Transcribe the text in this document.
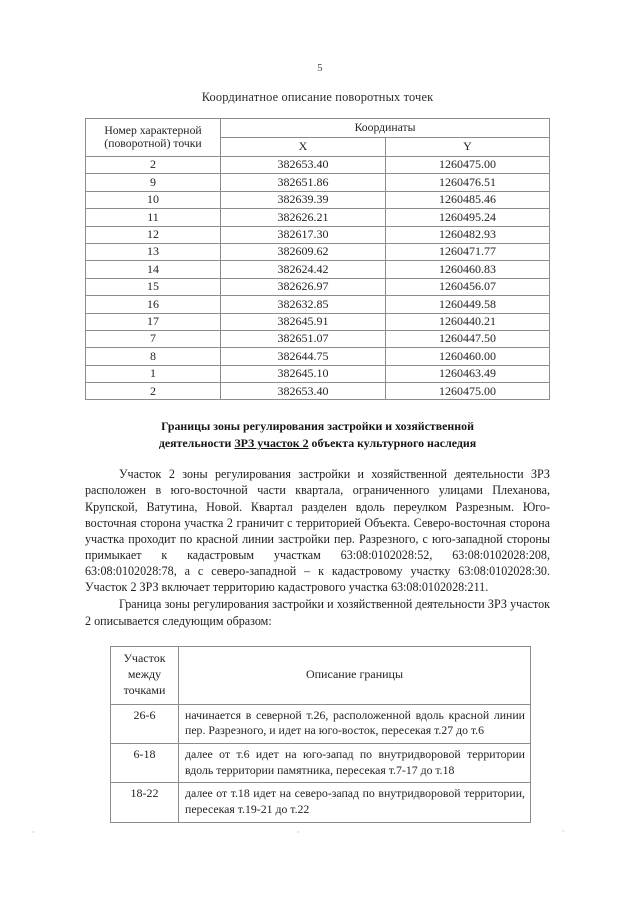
5
Координатное описание поворотных точек
Номер характерной (поворотной) точки	Координаты	
	X	Y
2	382653.40	1260475.00
9	382651.86	1260476.51
10	382639.39	1260485.46
11	382626.21	1260495.24
12	382617.30	1260482.93
13	382609.62	1260471.77
14	382624.42	1260460.83
15	382626.97	1260456.07
16	382632.85	1260449.58
17	382645.91	1260440.21
7	382651.07	1260447.50
8	382644.75	1260460.00
1	382645.10	1260463.49
2	382653.40	1260475.00
Границы зоны регулирования застройки и хозяйственной
деятельности ЗРЗ участок 2 объекта культурного наследия

Участок 2 зоны регулирования застройки и хозяйственной деятельности ЗРЗ расположен в юго-восточной части квартала, ограниченного улицами Плеханова, Крупской, Ватутина, Новой. Квартал разделен вдоль переулком Разрезным. Юго-восточная сторона участка 2 граничит с территорией Объекта. Северо-восточная сторона участка проходит по красной линии застройки пер. Разрезного, с юго-западной стороны примыкает к кадастровым участкам 63:08:0102028:52, 63:08:0102028:208, 63:08:0102028:78, а с северо-западной – к кадастровому участку 63:08:0102028:30. Участок 2 ЗРЗ включает территорию кадастрового участка 63:08:0102028:211.

Граница зоны регулирования застройки и хозяйственной деятельности ЗРЗ участок 2 описывается следующим образом:

Участок между точками	Описание границы
26-6	начинается в северной т.26, расположенной вдоль красной линии пер. Разрезного, и идет на юго-восток, пересекая т.27 до т.6
6-18	далее от т.6 идет на юго-запад по внутридворовой территории вдоль территории памятника, пересекая т.7-17 до т.18
18-22	далее от т.18 идет на северо-запад по внутридворовой территории, пересекая т.19-21 до т.22
▫	▫	▫
